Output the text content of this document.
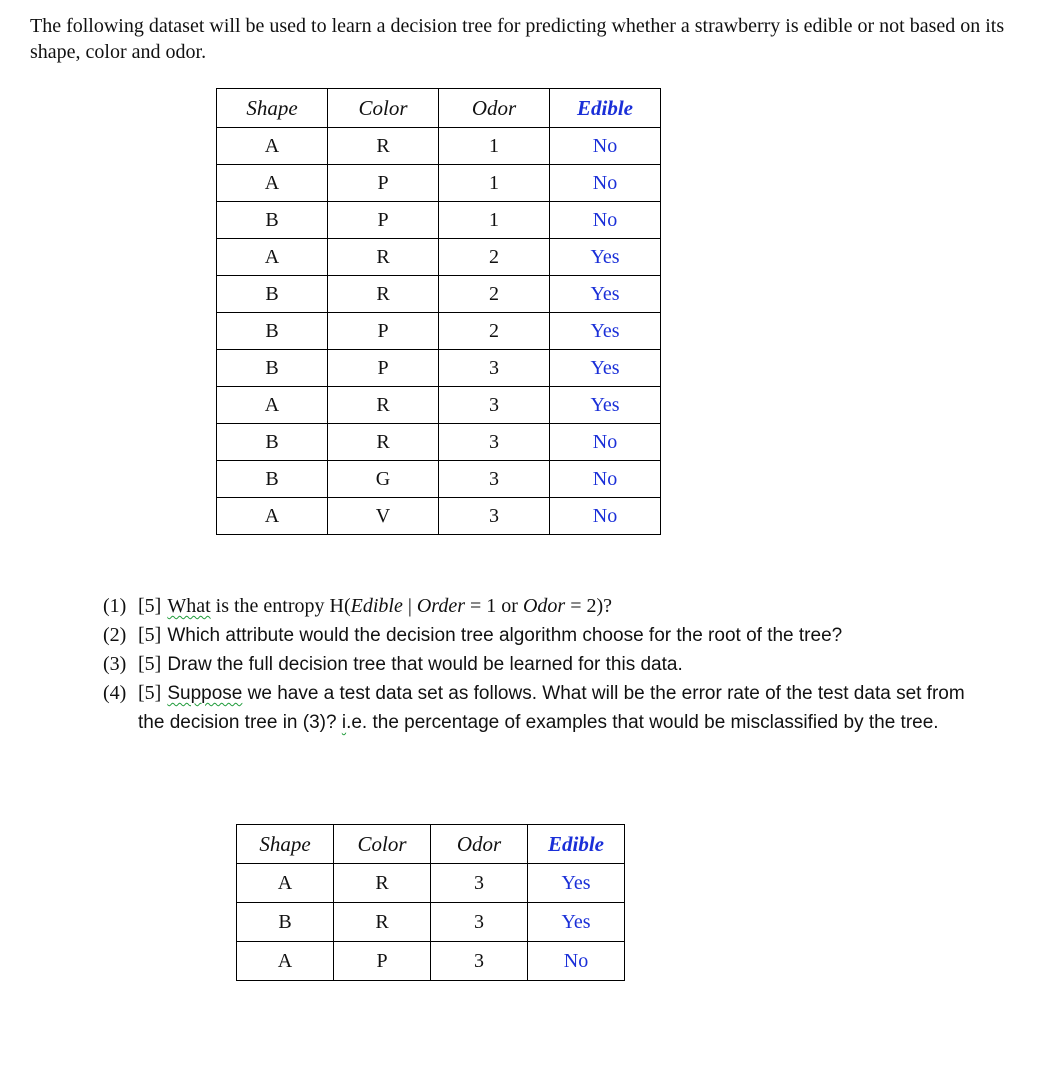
The following dataset will be used to learn a decision tree for predicting whether a strawberry is edible or not based on its shape, color and odor.
Shape	Color	Odor	Edible
A	R	1	No
A	P	1	No
B	P	1	No
A	R	2	Yes
B	R	2	Yes
B	P	2	Yes
B	P	3	Yes
A	R	3	Yes
B	R	3	No
B	G	3	No
A	V	3	No
(1) [5] What is the entropy H(Edible | Order = 1 or Odor = 2)?
(2) [5] Which attribute would the decision tree algorithm choose for the root of the tree?
(3) [5] Draw the full decision tree that would be learned for this data.
(4) [5] Suppose we have a test data set as follows. What will be the error rate of the test data set from the decision tree in (3)? i.e. the percentage of examples that would be misclassified by the tree.
Shape	Color	Odor	Edible
A	R	3	Yes
B	R	3	Yes
A	P	3	No
